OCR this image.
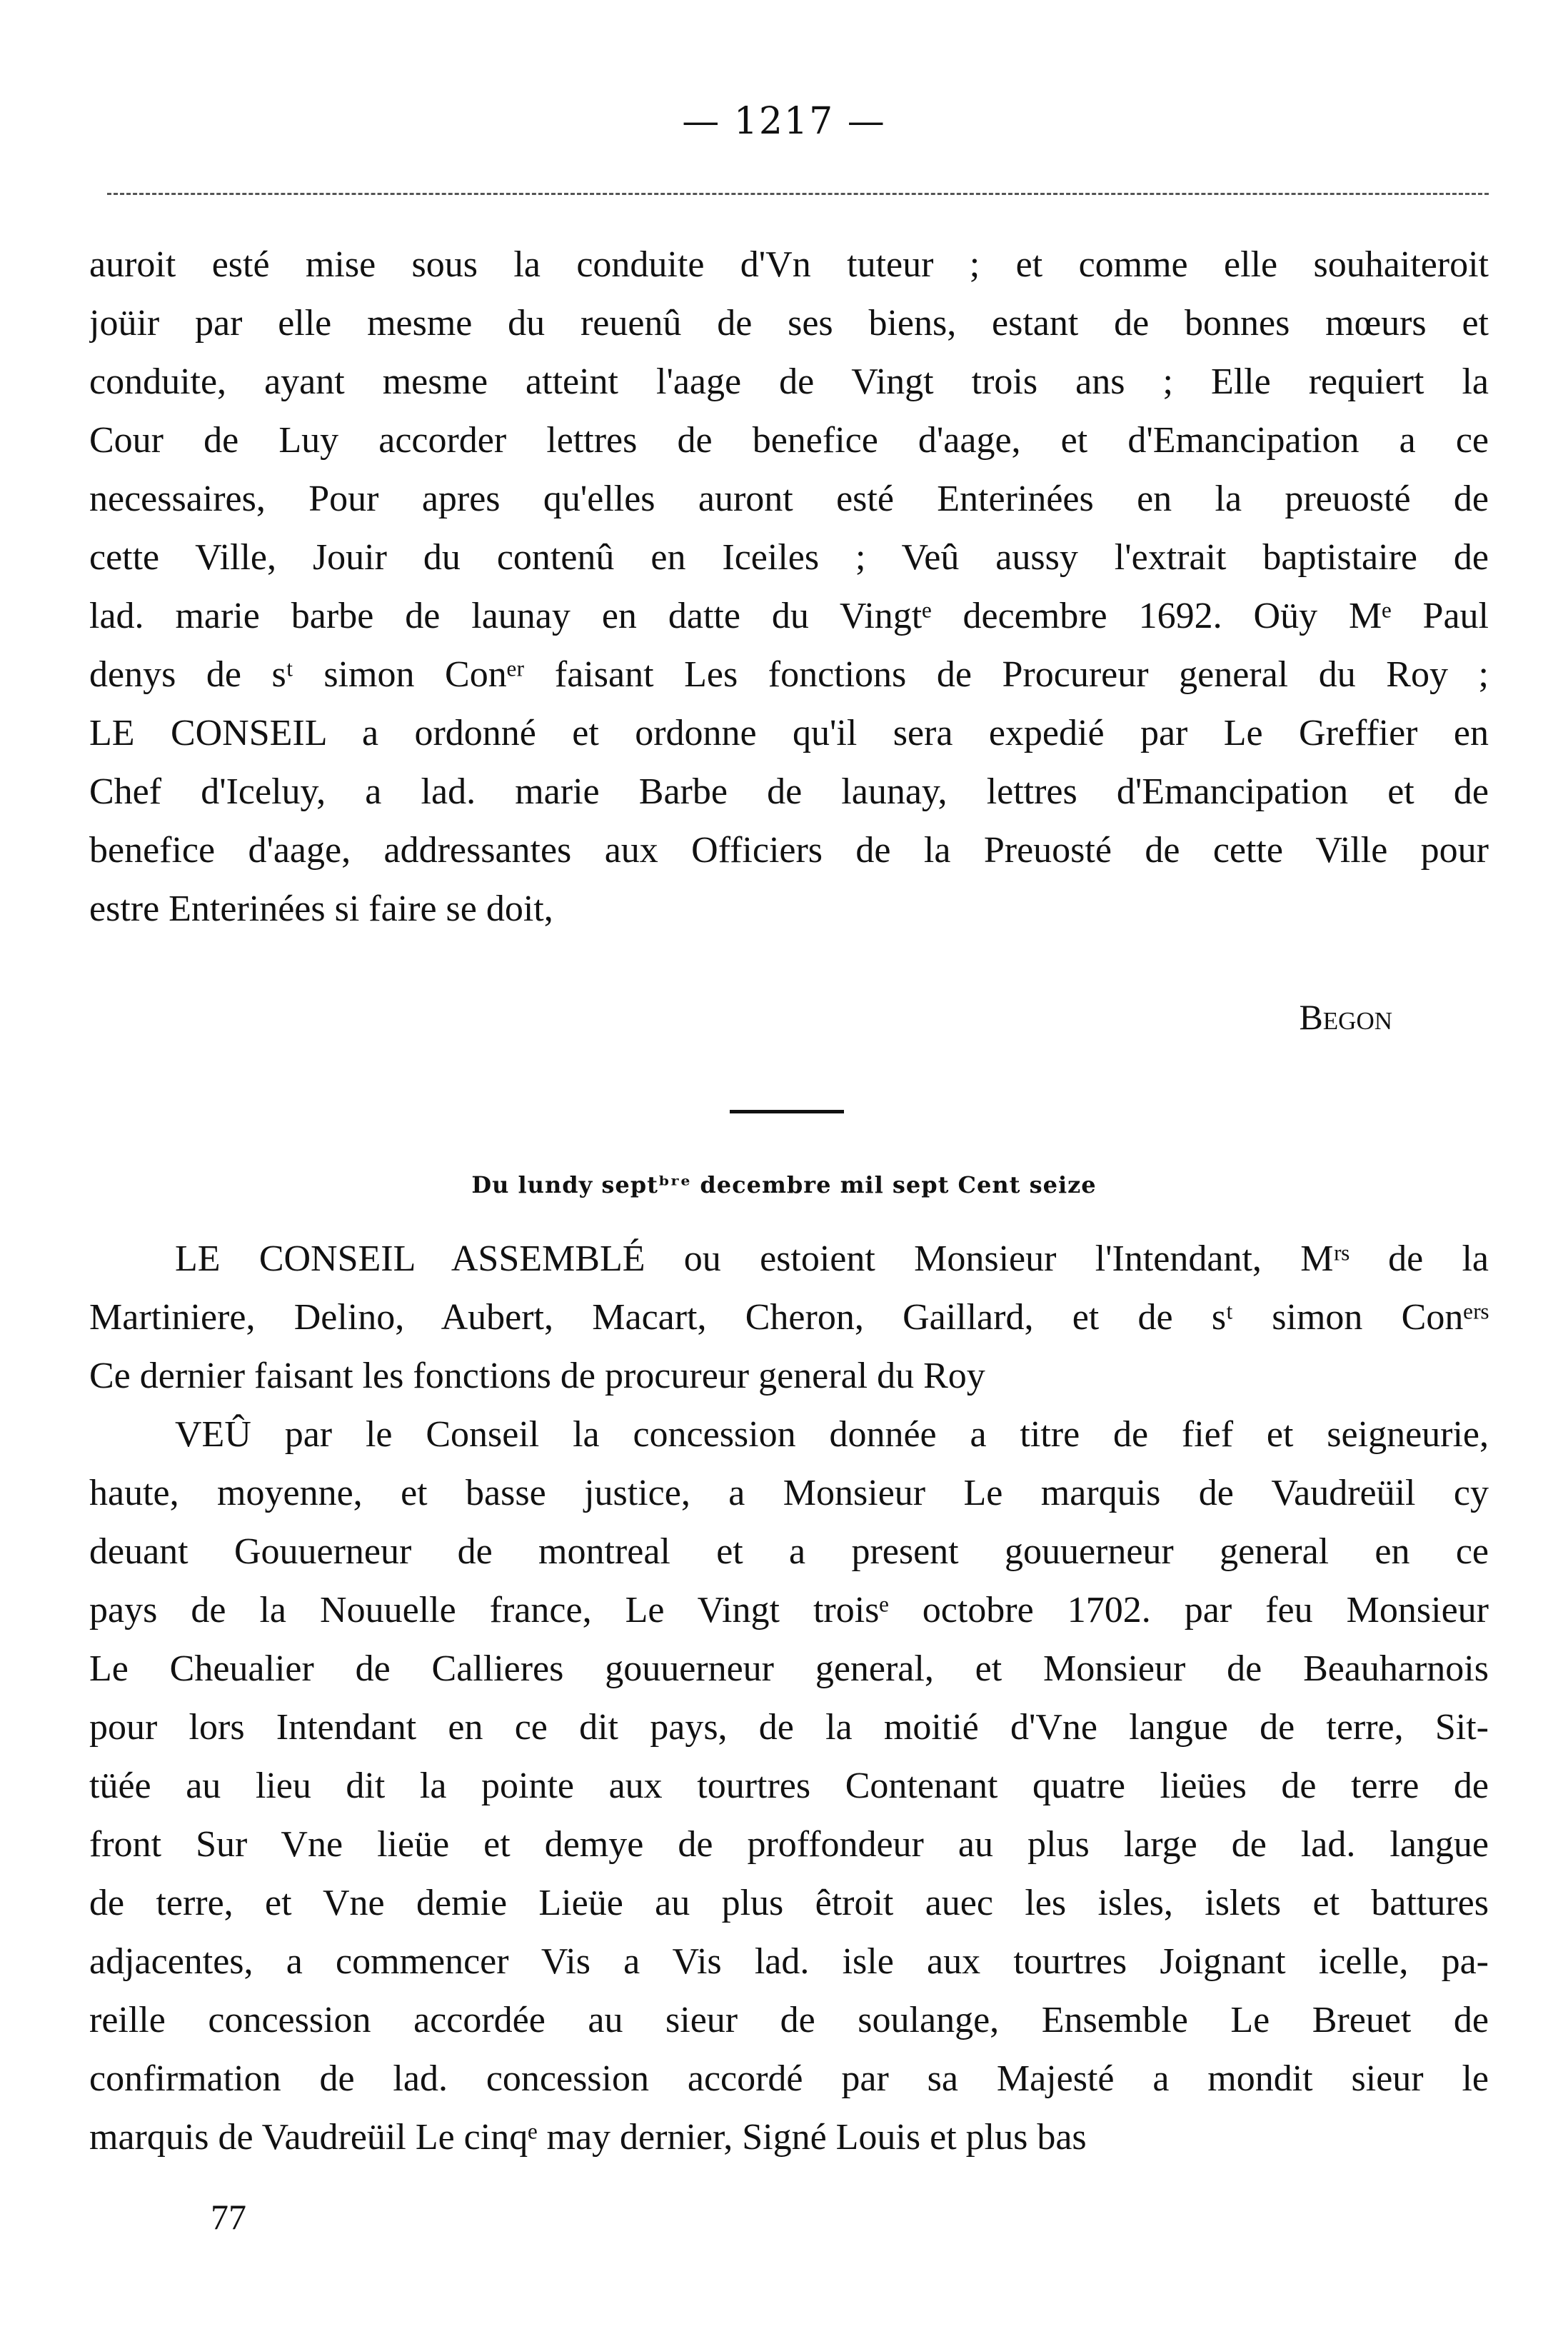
— 1217 —
auroit esté mise sous la conduite d'Vn tuteur ; et comme elle souhaiteroit
joüir par elle mesme du reuenû de ses biens, estant de bonnes mœurs et
conduite, ayant mesme atteint l'aage de Vingt trois ans ; Elle requiert la
Cour de Luy accorder lettres de benefice d'aage, et d'Emancipation a ce
necessaires, Pour apres qu'elles auront esté Enterinées en la preuosté de
cette Ville, Jouir du contenû en Iceiles ; Veû aussy l'extrait baptistaire de
lad. marie barbe de launay en datte du Vingtᵉ decembre 1692. Oüy Mᵉ Paul
denys de sᵗ simon Conᵉʳ faisant Les fonctions de Procureur general du Roy ;
LE CONSEIL a ordonné et ordonne qu'il sera expedié par Le Greffier en
Chef d'Iceluy, a lad. marie Barbe de launay, lettres d'Emancipation et de
benefice d'aage, addressantes aux Officiers de la Preuosté de cette Ville pour
estre Enterinées si faire se doit,
Begon
Du lundy septᵇʳᵉ decembre mil sept Cent seize
LE CONSEIL ASSEMBLÉ ou estoient Monsieur l'Intendant, Mʳˢ de la
Martiniere, Delino, Aubert, Macart, Cheron, Gaillard, et de sᵗ simon Conᵉʳˢ
Ce dernier faisant les fonctions de procureur general du Roy
VEÛ par le Conseil la concession donnée a titre de fief et seigneurie,
haute, moyenne, et basse justice, a Monsieur Le marquis de Vaudreüil cy
deuant Gouuerneur de montreal et a present gouuerneur general en ce
pays de la Nouuelle france, Le Vingt troisᵉ octobre 1702. par feu Monsieur
Le Cheualier de Callieres gouuerneur general, et Monsieur de Beauharnois
pour lors Intendant en ce dit pays, de la moitié d'Vne langue de terre, Sit-
tüée au lieu dit la pointe aux tourtres Contenant quatre lieües de terre de
front Sur Vne lieüe et demye de proffondeur au plus large de lad. langue
de terre, et Vne demie Lieüe au plus êtroit auec les isles, islets et battures
adjacentes, a commencer Vis a Vis lad. isle aux tourtres Joignant icelle, pa-
reille concession accordée au sieur de soulange, Ensemble Le Breuet de
confirmation de lad. concession accordé par sa Majesté a mondit sieur le
marquis de Vaudreüil Le cinqᵉ may dernier, Signé Louis et plus bas
77
